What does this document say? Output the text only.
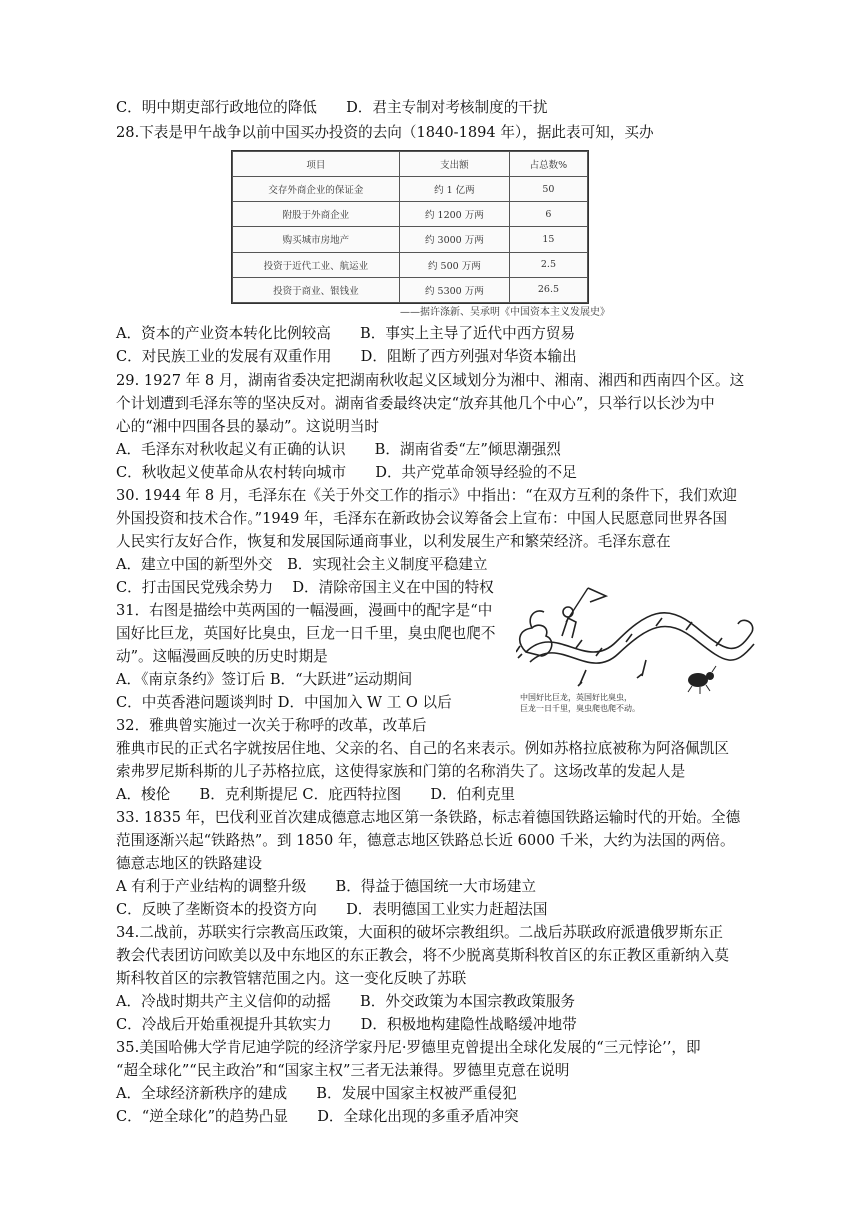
C．明中期吏部行政地位的降低　　D．君主专制对考核制度的干扰
28.下表是甲午战争以前中国买办投资的去向（1840-1894 年），据此表可知，买办
项目	支出额	占总数%
交存外商企业的保证金	约 1 亿两	50
附股于外商企业	约 1200 万两	6
购买城市房地产	约 3000 万两	15
投资于近代工业、航运业	约 500 万两	2.5
投资于商业、银钱业	约 5300 万两	26.5
——据许涤新、吴承明《中国资本主义发展史》
A．资本的产业资本转化比例较高　　B．事实上主导了近代中西方贸易
C．对民族工业的发展有双重作用　　D．阻断了西方列强对华资本输出
29. 1927 年 8 月，湖南省委决定把湖南秋收起义区域划分为湘中、湘南、湘西和西南四个区。这
个计划遭到毛泽东等的坚决反对。湖南省委最终决定“放弃其他几个中心”，只举行以长沙为中
心的“湘中四围各县的暴动”。这说明当时
A．毛泽东对秋收起义有正确的认识　　B．湖南省委“左”倾思潮强烈
C．秋收起义使革命从农村转向城市　　D．共产党革命领导经验的不足
30. 1944 年 8 月，毛泽东在《关于外交工作的指示》中指出：“在双方互利的条件下，我们欢迎
外国投资和技术合作。”1949 年，毛泽东在新政协会议筹备会上宣布：中国人民愿意同世界各国
人民实行友好合作，恢复和发展国际通商事业，以利发展生产和繁荣经济。毛泽东意在
A．建立中国的新型外交　B．实现社会主义制度平稳建立
C．打击国民党残余势力　 D．清除帝国主义在中国的特权
31．右图是描绘中英两国的一幅漫画，漫画中的配字是“中
国好比巨龙，英国好比臭虫，巨龙一日千里，臭虫爬也爬不
动”。这幅漫画反映的历史时期是
A．《南京条约》签订后 B．“大跃进”运动期间
C．中英香港问题谈判时 D．中国加入 W 工 O 以后
32．雅典曾实施过一次关于称呼的改革，改革后
雅典市民的正式名字就按居住地、父亲的名、自己的名来表示。例如苏格拉底被称为阿洛佩凯区
索弗罗尼斯科斯的儿子苏格拉底，这使得家族和门第的名称消失了。这场改革的发起人是
A．梭伦　　B．克利斯提尼 C．庇西特拉图　　D．伯利克里
33. 1835 年，巴伐利亚首次建成德意志地区第一条铁路，标志着德国铁路运输时代的开始。全德
范围逐渐兴起“铁路热”。到 1850 年，德意志地区铁路总长近 6000 千米，大约为法国的两倍。
德意志地区的铁路建设
A 有利于产业结构的调整升级　　B．得益于德国统一大市场建立
C．反映了垄断资本的投资方向　　D．表明德国工业实力赶超法国
34.二战前，苏联实行宗教高压政策，大面积的破坏宗教组织。二战后苏联政府派遣俄罗斯东正
教会代表团访问欧美以及中东地区的东正教会，将不少脱离莫斯科牧首区的东正教区重新纳入莫
斯科牧首区的宗教管辖范围之内。这一变化反映了苏联
A．冷战时期共产主义信仰的动摇　　B．外交政策为本国宗教政策服务
C．冷战后开始重视提升其软实力　　D．积极地构建隐性战略缓冲地带
35.美国哈佛大学肯尼迪学院的经济学家丹尼·罗德里克曾提出全球化发展的“三元悖论’’，即
“超全球化”“民主政治”和“国家主权”三者无法兼得。罗德里克意在说明
A．全球经济新秩序的建成　　B．发展中国家主权被严重侵犯
C．“逆全球化”的趋势凸显　　D．全球化出现的多重矛盾冲突
中国好比巨龙，英国好比臭虫，
巨龙一日千里，臭虫爬也爬不动。
